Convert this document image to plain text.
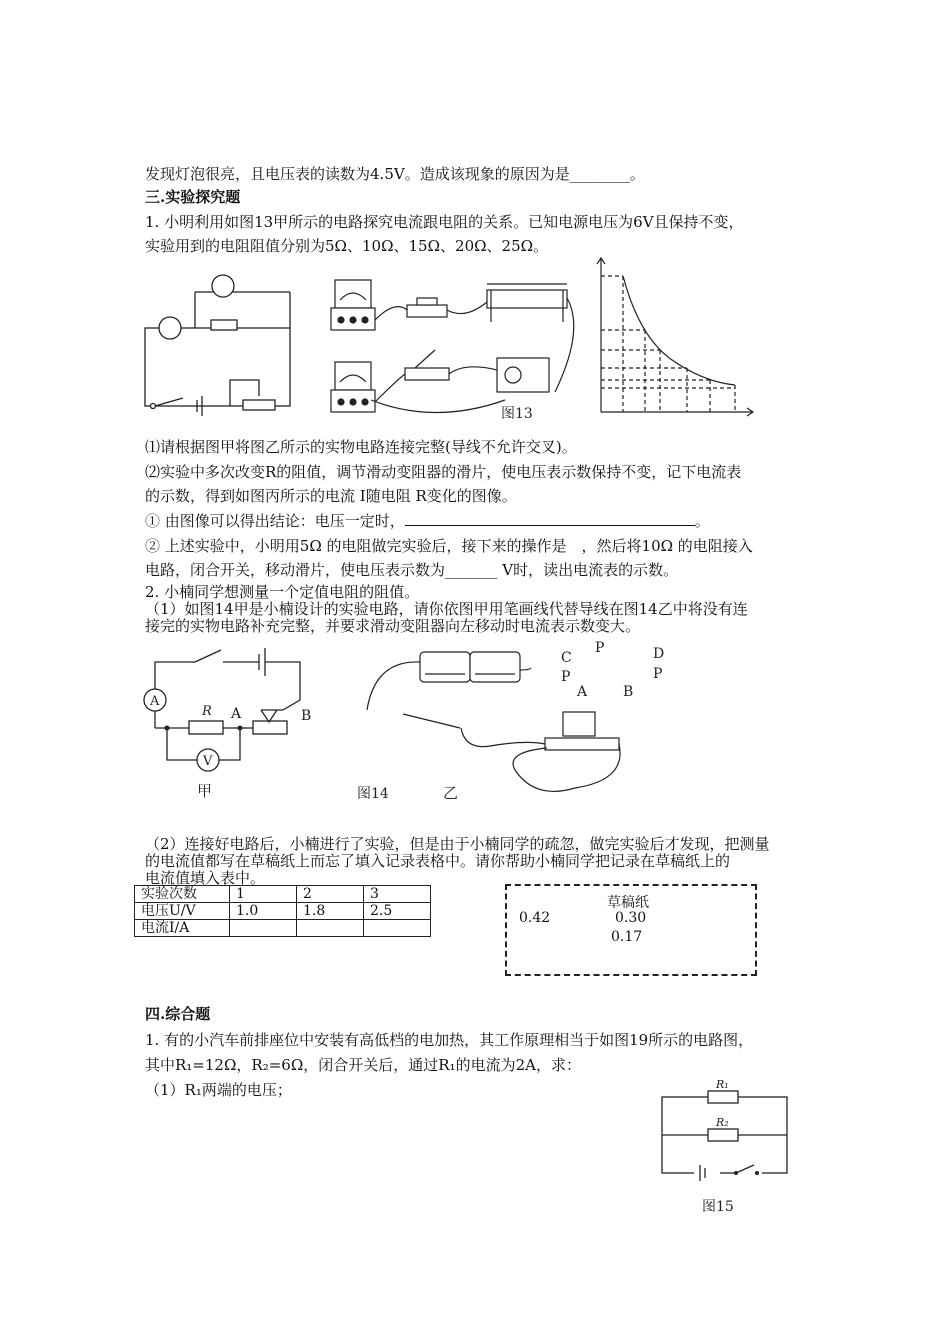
发现灯泡很亮，且电压表的读数为4.5V。造成该现象的原因为是________。
三.实验探究题
1. 小明利用如图13甲所示的电路探究电流跟电阻的关系。已知电源电压为6V且保持不变，
实验用到的电阻阻值分别为5Ω、10Ω、15Ω、20Ω、25Ω。
图13
⑴请根据图甲将图乙所示的实物电路连接完整(导线不允许交叉)。
⑵实验中多次改变R的阻值，调节滑动变阻器的滑片，使电压表示数保持不变，记下电流表
的示数，得到如图丙所示的电流 I随电阻 R变化的图像。
① 由图像可以得出结论：电压一定时，	。
② 上述实验中，小明用5Ω 的电阻做完实验后，接下来的操作是　，然后将10Ω 的电阻接入
电路，闭合开关，移动滑片，使电压表示数为_______ V时，读出电流表的示数。
2. 小楠同学想测量一个定值电阻的阻值。
（1）如图14甲是小楠设计的实验电路，请你依图甲用笔画线代替导线在图14乙中将没有连
接完的实物电路补充完整，并要求滑动变阻器向左移动时电流表示数变大。
A
V
R A	B
甲	图14	乙
C
P
P	D
P
A	B
（2）连接好电路后，小楠进行了实验，但是由于小楠同学的疏忽，做完实验后才发现，把测量
的电流值都写在草稿纸上而忘了填入记录表格中。请你帮助小楠同学把记录在草稿纸上的
电流值填入表中。
实验次数	1	2	3
电压U/V	1.0	1.8	2.5
电流I/A			
草稿纸
0.42	0.30
0.17
四.综合题
1. 有的小汽车前排座位中安装有高低档的电加热，其工作原理相当于如图19所示的电路图，
其中R₁=12Ω，R₂=6Ω，闭合开关后，通过R₁的电流为2A，求：
（1）R₁两端的电压；	R₁
R₂
图15
